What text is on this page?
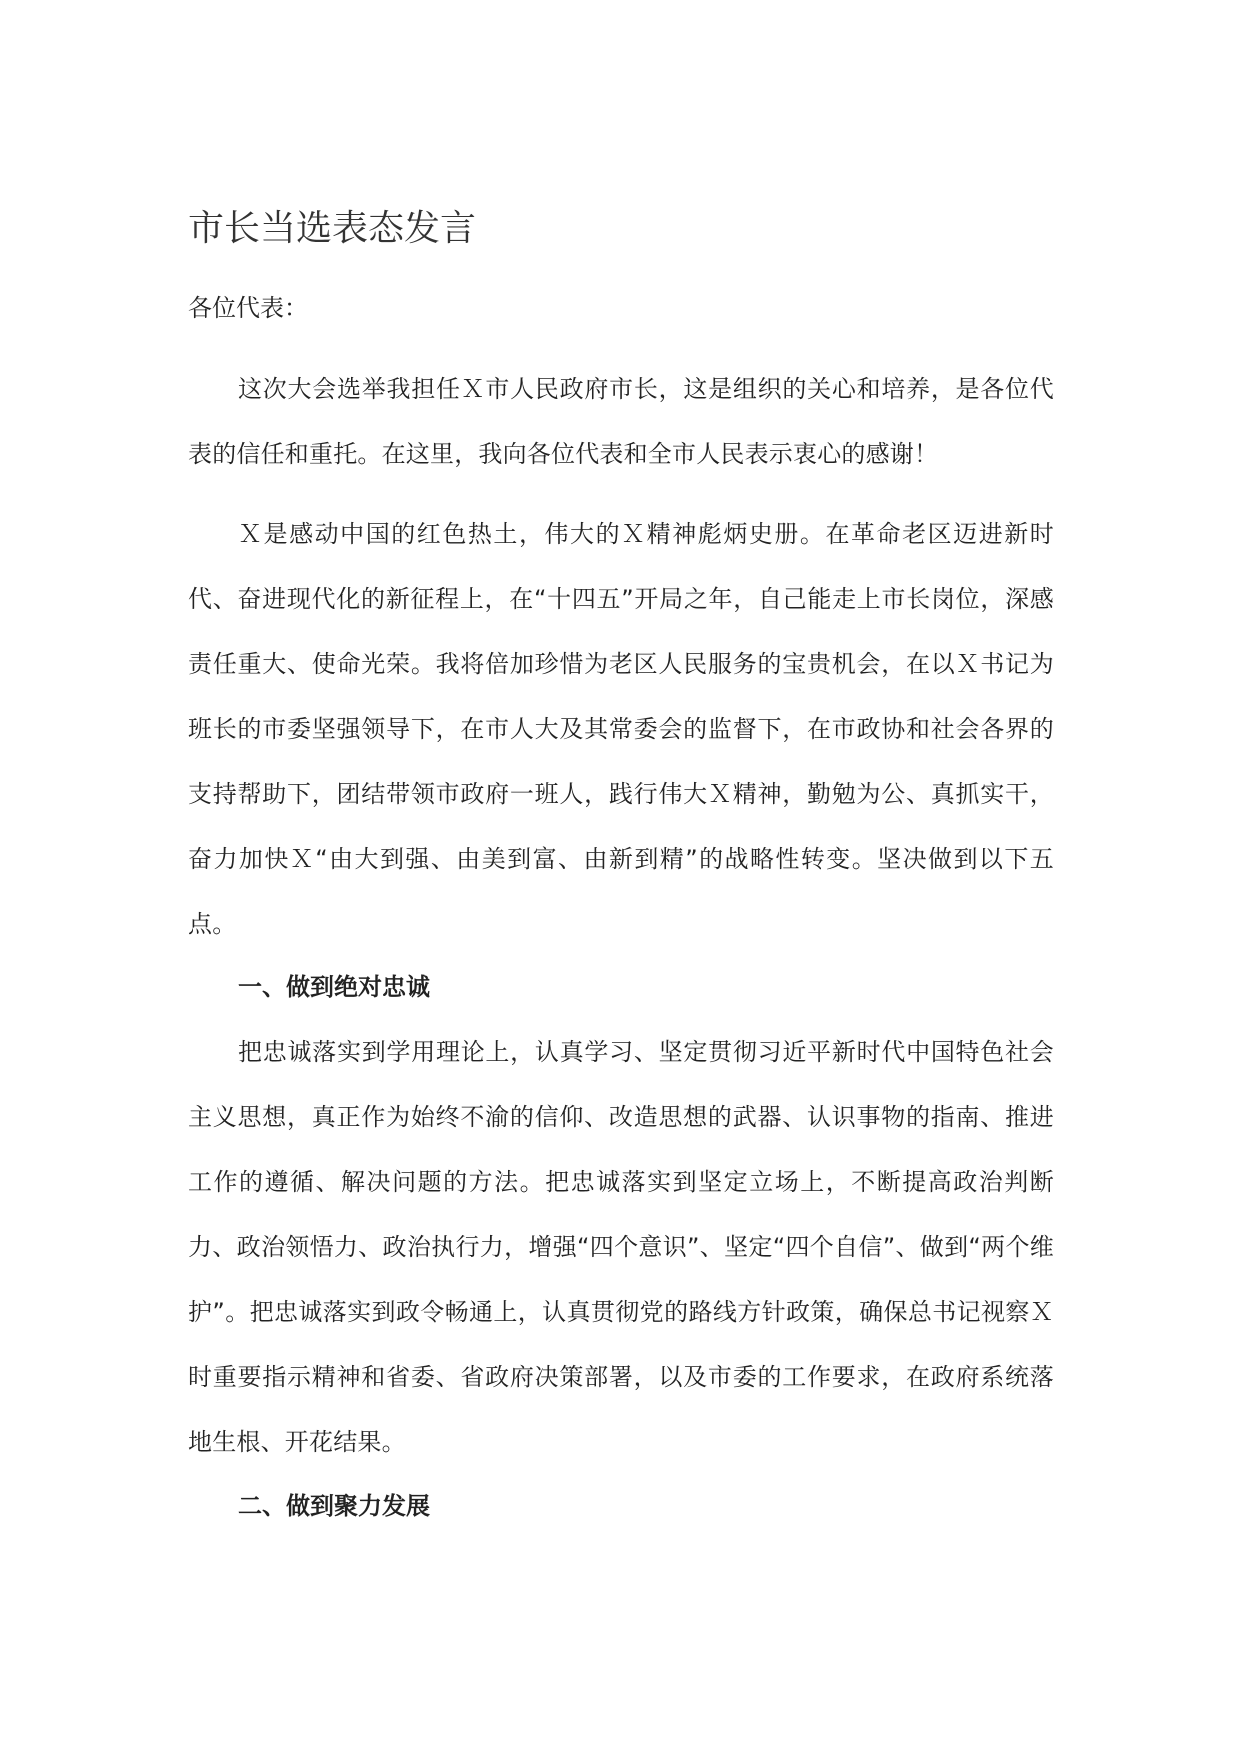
市长当选表态发言

各位代表：

这次大会选举我担任Ｘ市人民政府市长，这是组织的关心和培养，是各位代表的信任和重托。在这里，我向各位代表和全市人民表示衷心的感谢！

Ｘ是感动中国的红色热土，伟大的Ｘ精神彪炳史册。在革命老区迈进新时代、奋进现代化的新征程上，在“十四五”开局之年，自己能走上市长岗位，深感责任重大、使命光荣。我将倍加珍惜为老区人民服务的宝贵机会，在以Ｘ书记为班长的市委坚强领导下，在市人大及其常委会的监督下，在市政协和社会各界的支持帮助下，团结带领市政府一班人，践行伟大Ｘ精神，勤勉为公、真抓实干，奋力加快Ｘ“由大到强、由美到富、由新到精”的战略性转变。坚决做到以下五点。

一、做到绝对忠诚

把忠诚落实到学用理论上，认真学习、坚定贯彻习近平新时代中国特色社会主义思想，真正作为始终不渝的信仰、改造思想的武器、认识事物的指南、推进工作的遵循、解决问题的方法。把忠诚落实到坚定立场上，不断提高政治判断力、政治领悟力、政治执行力，增强“四个意识”、坚定“四个自信”、做到“两个维护”。把忠诚落实到政令畅通上，认真贯彻党的路线方针政策，确保总书记视察Ｘ时重要指示精神和省委、省政府决策部署，以及市委的工作要求，在政府系统落地生根、开花结果。

二、做到聚力发展
